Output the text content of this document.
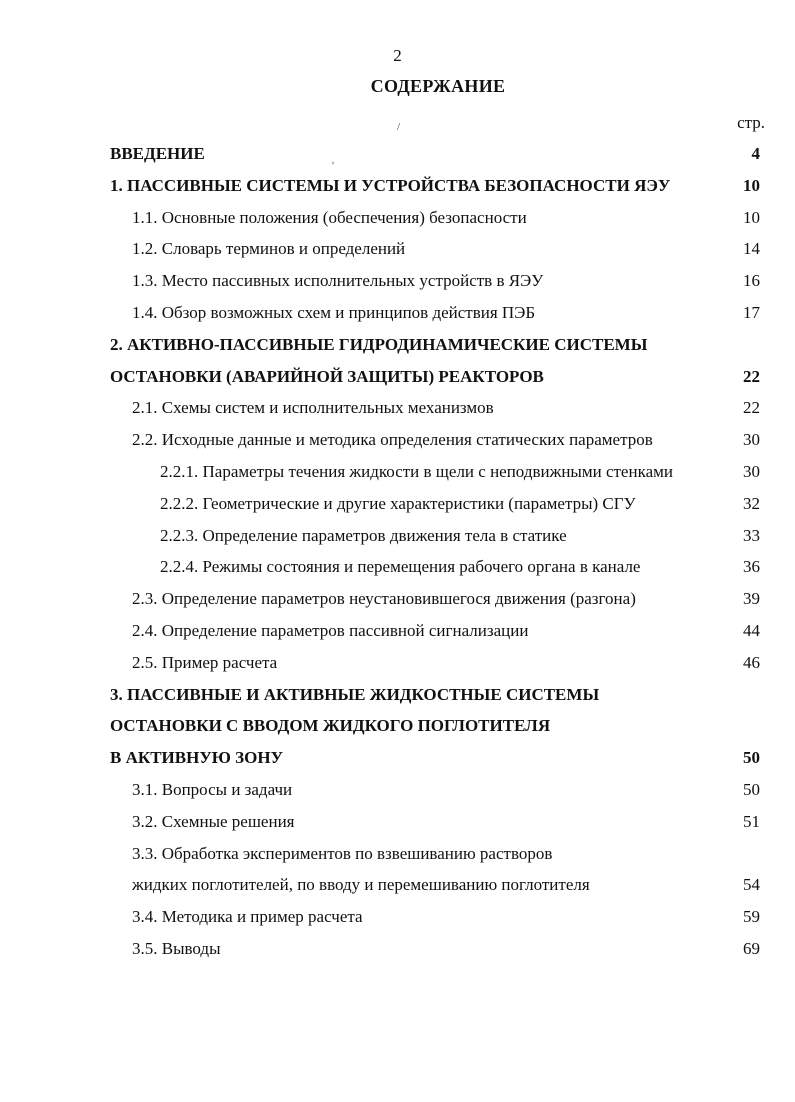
2
СОДЕРЖАНИЕ
стр.
/
'
ВВЕДЕНИЕ	4
1. ПАССИВНЫЕ СИСТЕМЫ И УСТРОЙСТВА БЕЗОПАСНОСТИ ЯЭУ	10
1.1. Основные положения (обеспечения) безопасности	10
1.2. Словарь терминов и определений	14
1.3. Место пассивных исполнительных устройств в ЯЭУ	16
1.4. Обзор возможных схем и принципов действия ПЭБ	17
2. АКТИВНО-ПАССИВНЫЕ ГИДРОДИНАМИЧЕСКИЕ СИСТЕМЫ
ОСТАНОВКИ (АВАРИЙНОЙ ЗАЩИТЫ) РЕАКТОРОВ	22
2.1. Схемы систем и исполнительных механизмов	22
2.2. Исходные данные и методика определения статических параметров	30
2.2.1. Параметры течения жидкости в щели с неподвижными стенками	30
2.2.2. Геометрические и другие характеристики (параметры) СГУ	32
2.2.3. Определение параметров движения тела в статике	33
2.2.4. Режимы состояния и перемещения рабочего органа в канале	36
2.3. Определение параметров неустановившегося движения (разгона)	39
2.4. Определение параметров пассивной сигнализации	44
2.5. Пример расчета	46
3. ПАССИВНЫЕ И АКТИВНЫЕ ЖИДКОСТНЫЕ СИСТЕМЫ
ОСТАНОВКИ С ВВОДОМ ЖИДКОГО ПОГЛОТИТЕЛЯ
В АКТИВНУЮ ЗОНУ	50
3.1. Вопросы и задачи	50
3.2. Схемные решения	51
3.3. Обработка экспериментов по взвешиванию растворов
жидких поглотителей, по вводу и перемешиванию поглотителя	54
3.4. Методика и пример расчета	59
3.5. Выводы	69
